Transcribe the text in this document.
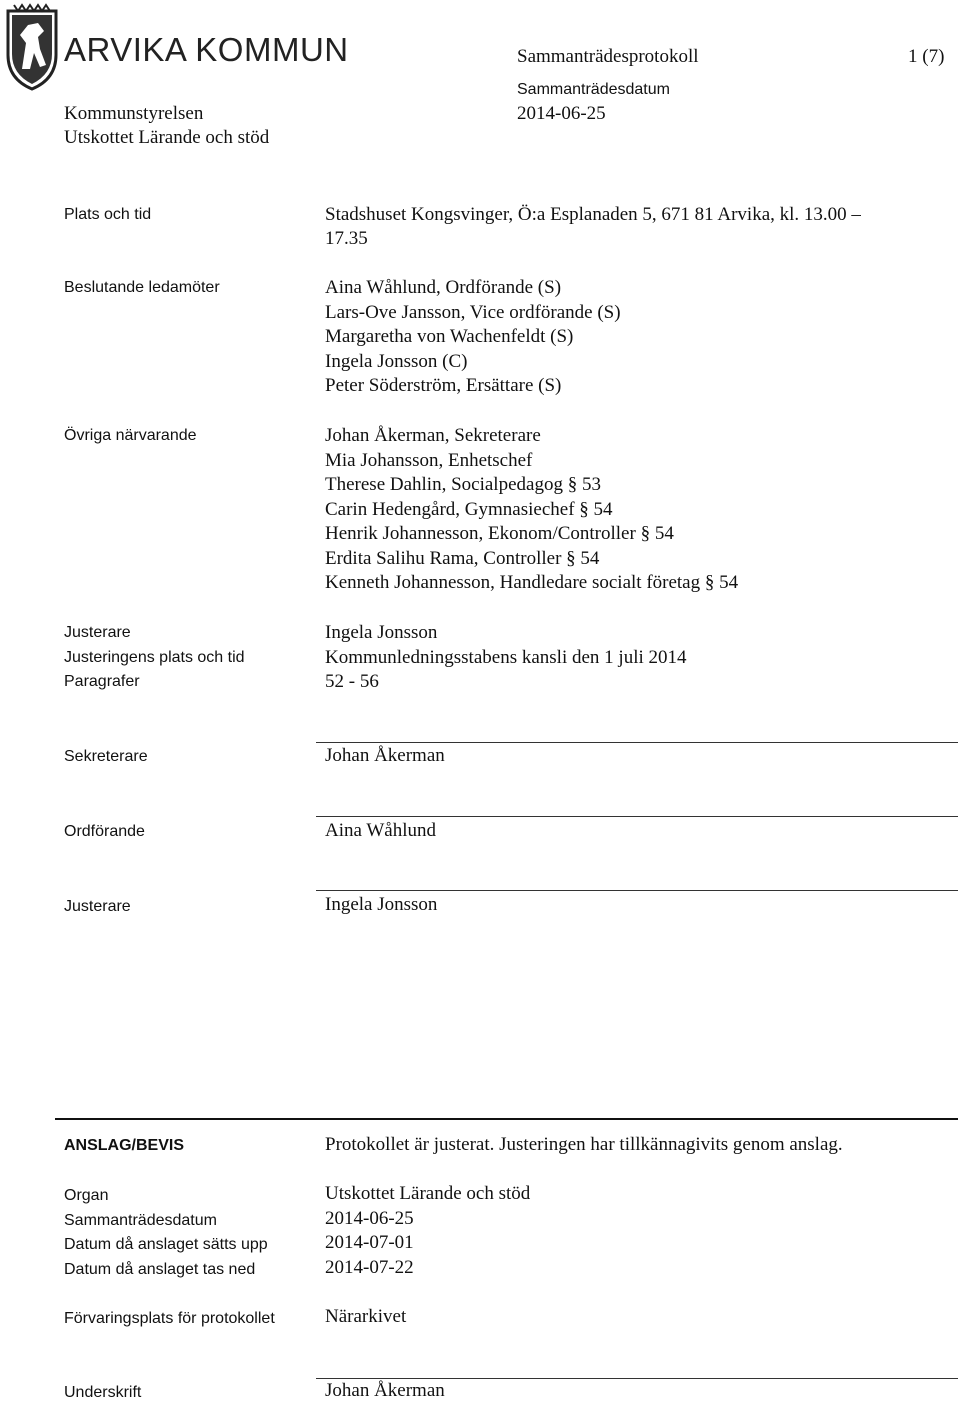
ARVIKA KOMMUN	Sammanträdesprotokoll	1 (7)
Sammanträdesdatum
2014-06-25
Kommunstyrelsen
Utskottet Lärande och stöd
Plats och tid	Stadshuset Kongsvinger, Ö:a Esplanaden 5, 671 81 Arvika, kl. 13.00 –
17.35
Beslutande ledamöter	Aina Wåhlund, Ordförande (S)
Lars-Ove Jansson, Vice ordförande (S)
Margaretha von Wachenfeldt (S)
Ingela Jonsson (C)
Peter Söderström, Ersättare (S)
Övriga närvarande	Johan Åkerman, Sekreterare
Mia Johansson, Enhetschef
Therese Dahlin, Socialpedagog § 53
Carin Hedengård, Gymnasiechef § 54
Henrik Johannesson, Ekonom/Controller § 54
Erdita Salihu Rama, Controller § 54
Kenneth Johannesson, Handledare socialt företag § 54
Justerare	Ingela Jonsson
Justeringens plats och tid	Kommunledningsstabens kansli den 1 juli 2014
Paragrafer	52 - 56
Sekreterare	Johan Åkerman
Ordförande	Aina Wåhlund
Justerare	Ingela Jonsson
ANSLAG/BEVIS	Protokollet är justerat. Justeringen har tillkännagivits genom anslag.
Organ	Utskottet Lärande och stöd
Sammanträdesdatum	2014-06-25
Datum då anslaget sätts upp	2014-07-01
Datum då anslaget tas ned	2014-07-22
Förvaringsplats för protokollet	Närarkivet
Underskrift	Johan Åkerman
